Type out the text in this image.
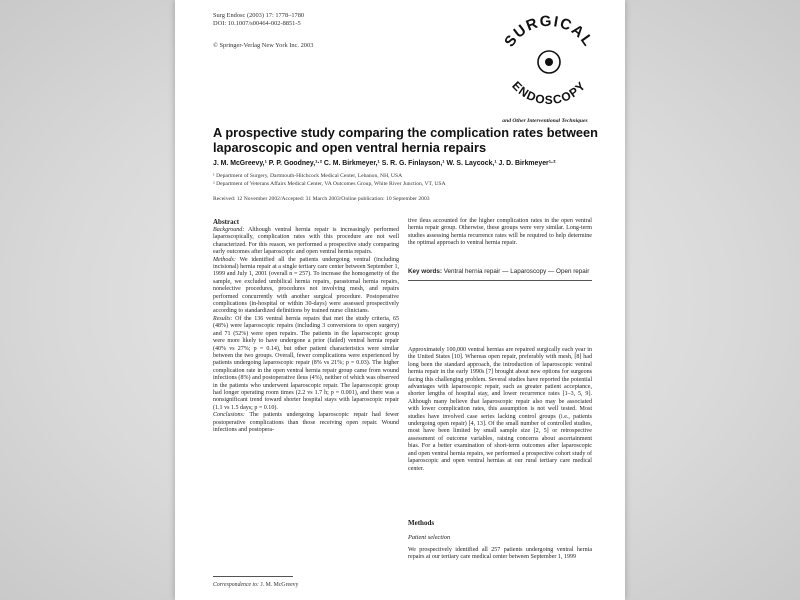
Surg Endosc (2003) 17: 1778–1780
DOI: 10.1007/s00464-002-8851-5
© Springer-Verlag New York Inc. 2003	SURGICAL
ENDOSCOPY
and Other Interventional Techniques
A prospective study comparing the complication rates between laparoscopic and open ventral hernia repairs
J. M. McGreevy,¹ P. P. Goodney,¹·² C. M. Birkmeyer,¹ S. R. G. Finlayson,¹ W. S. Laycock,¹ J. D. Birkmeyer¹·²
¹ Department of Surgery, Dartmouth-Hitchcock Medical Center, Lebanon, NH, USA
² Department of Veterans Affairs Medical Center, VA Outcomes Group, White River Junction, VT, USA
Received: 12 November 2002/Accepted: 31 March 2003/Online publication: 10 September 2003
Abstract

Background: Although ventral hernia repair is increasingly performed laparoscopically, complication rates with this procedure are not well characterized. For this reason, we performed a prospective study comparing early outcomes after laparoscopic and open ventral hernia repairs.

Methods: We identified all the patients undergoing ventral (including incisional) hernia repair at a single tertiary care center between September 1, 1999 and July 1, 2001 (overall n = 257). To increase the homogeneity of the sample, we excluded umbilical hernia repairs, parastomal hernia repairs, nonelective procedures, procedures not involving mesh, and repairs performed concurrently with another surgical procedure. Postoperative complications (in-hospital or within 30-days) were assessed prospectively according to standardized definitions by trained nurse clinicians.

Results: Of the 136 ventral hernia repairs that met the study criteria, 65 (48%) were laparoscopic repairs (including 3 conversions to open surgery) and 71 (52%) were open repairs. The patients in the laparoscopic group were more likely to have undergone a prior (failed) ventral hernia repair (40% vs 27%; p = 0.14), but other patient characteristics were similar between the two groups. Overall, fewer complications were experienced by patients undergoing laparoscopic repair (8% vs 21%; p = 0.03). The higher complication rate in the open ventral hernia repair group came from wound infections (8%) and postoperative ileus (4%), neither of which was observed in the patients who underwent laparoscopic repair. The laparoscopic group had longer operating room times (2.2 vs 1.7 h; p = 0.001), and there was a nonsignificant trend toward shorter hospital stays with laparoscopic repair (1.1 vs 1.5 days; p = 0.10).

Conclusions: The patients undergoing laparoscopic repair had fewer postoperative complications than those receiving open repair. Wound infections and postopera-

tive ileus accounted for the higher complication rates in the open ventral hernia repair group. Otherwise, these groups were very similar. Long-term studies assessing hernia recurrence rates will be required to help determine the optimal approach to ventral hernia repair.

Key words: Ventral hernia repair — Laparoscopy — Open repair

Approximately 100,000 ventral hernias are repaired surgically each year in the United States [10]. Whereas open repair, preferably with mesh, [8] had long been the standard approach, the introduction of laparoscopic ventral hernia repair in the early 1990s [7] brought about new options for surgeons facing this challenging problem. Several studies have reported the potential advantages with laparoscopic repair, such as greater patient acceptance, shorter lengths of hospital stay, and lower recurrence rates [1–3, 5, 9]. Although many believe that laparoscopic repair also may be associated with lower complication rates, this assumption is not well tested. Most studies have involved case series lacking control groups (i.e., patients undergoing open repair) [4, 13]. Of the small number of controlled studies, most have been limited by small sample size [2, 5] or retrospective assessment of outcome variables, raising concerns about ascertainment bias. For a better examination of short-term outcomes after laparoscopic and open ventral hernia repairs, we performed a prospective cohort study of laparoscopic and open ventral hernias at our rural tertiary care medical center.

Methods
Patient selection

We prospectively identified all 257 patients undergoing ventral hernia repairs at our tertiary care medical center between September 1, 1999

Correspondence to: J. M. McGreevy
